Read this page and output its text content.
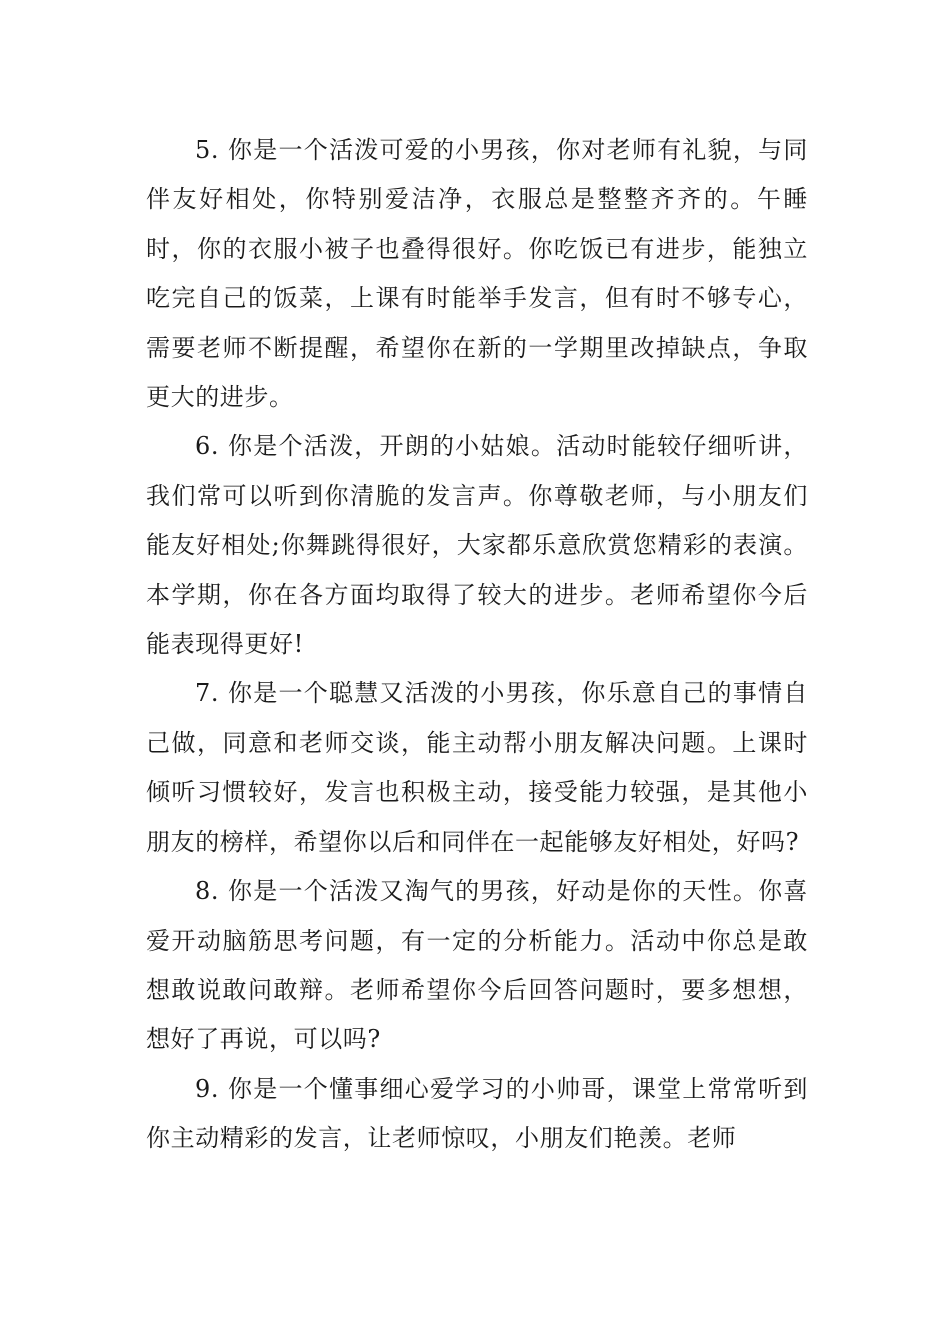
5. 你是一个活泼可爱的小男孩，你对老师有礼貌，与同伴友好相处，你特别爱洁净，衣服总是整整齐齐的。午睡时，你的衣服小被子也叠得很好。你吃饭已有进步，能独立吃完自己的饭菜，上课有时能举手发言，但有时不够专心，需要老师不断提醒，希望你在新的一学期里改掉缺点，争取更大的进步。

6. 你是个活泼，开朗的小姑娘。活动时能较仔细听讲，我们常可以听到你清脆的发言声。你尊敬老师，与小朋友们能友好相处;你舞跳得很好，大家都乐意欣赏您精彩的表演。本学期，你在各方面均取得了较大的进步。老师希望你今后能表现得更好!

7. 你是一个聪慧又活泼的小男孩，你乐意自己的事情自己做，同意和老师交谈，能主动帮小朋友解决问题。上课时倾听习惯较好，发言也积极主动，接受能力较强，是其他小朋友的榜样，希望你以后和同伴在一起能够友好相处，好吗?

8. 你是一个活泼又淘气的男孩，好动是你的天性。你喜爱开动脑筋思考问题，有一定的分析能力。活动中你总是敢想敢说敢问敢辩。老师希望你今后回答问题时，要多想想，想好了再说，可以吗?

9. 你是一个懂事细心爱学习的小帅哥，课堂上常常听到你主动精彩的发言，让老师惊叹，小朋友们艳羡。老师
